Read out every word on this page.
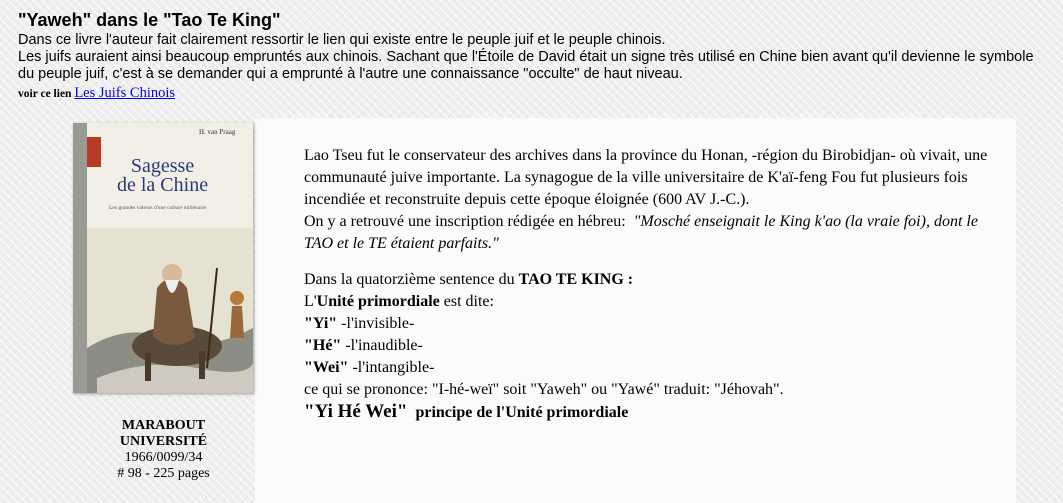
"Yaweh" dans le "Tao Te King"

Dans ce livre l'auteur fait clairement ressortir le lien qui existe entre le peuple juif et le peuple chinois.

Les juifs auraient ainsi beaucoup empruntés aux chinois. Sachant que l'Étoile de David était un signe très utilisé en Chine bien avant qu'il devienne le symbole du peuple juif, c'est à se demander qui a emprunté à l'autre une connaissance "occulte" de haut niveau.

voir ce lien Les Juifs Chinois
H. van Praag
Sagesse
de la Chine
Les grandes valeurs d'une culture millénaire
MARABOUT
UNIVERSITÉ
1966/0099/34
# 98 - 225 pages

Lao Tseu fut le conservateur des archives dans la province du Honan, -région du Birobidjan- où vivait, une communauté juive importante. La synagogue de la ville universitaire de K'aï-feng Fou fut plusieurs fois incendiée et reconstruite depuis cette époque éloignée (600 AV J.-C.).

On y a retrouvé une inscription rédigée en hébreu: "Mosché enseignait le King k'ao (la vraie foi), dont le TAO et le TE étaient parfaits."

Dans la quatorzième sentence du TAO TE KING :

L'Unité primordiale est dite:

"Yi" -l'invisible-

"Hé" -l'inaudible-

"Wei" -l'intangible-

ce qui se prononce: "I-hé-weï" soit "Yaweh" ou "Yawé" traduit: "Jéhovah".

"Yi Hé Wei" principe de l'Unité primordiale
